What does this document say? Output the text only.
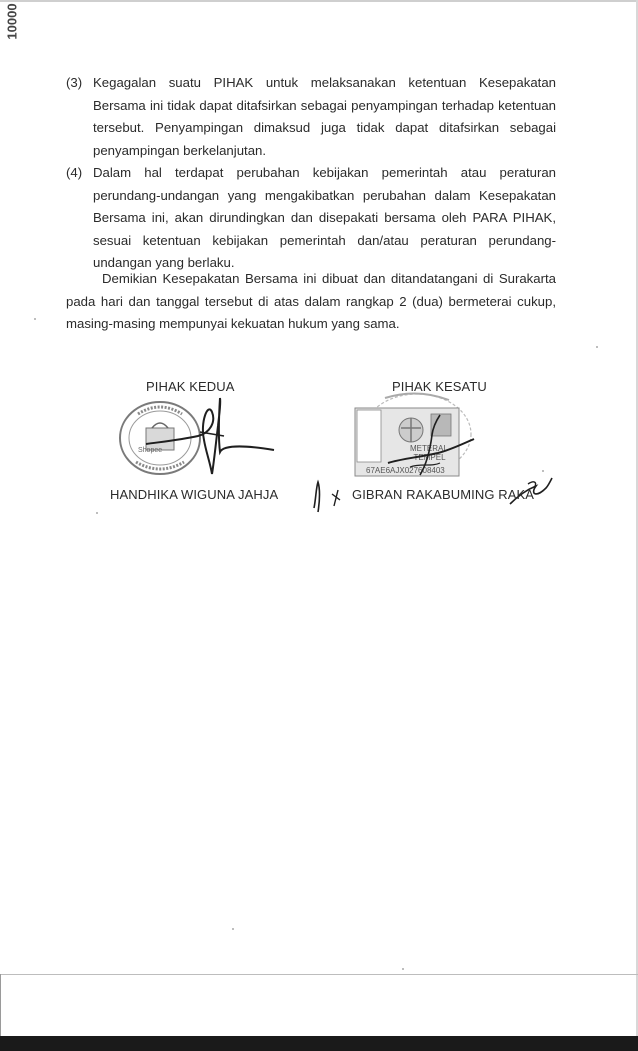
(3) Kegagalan suatu PIHAK untuk melaksanakan ketentuan Kesepakatan Bersama ini tidak dapat ditafsirkan sebagai penyampingan terhadap ketentuan tersebut. Penyampingan dimaksud juga tidak dapat ditafsirkan sebagai penyampingan berkelanjutan.
(4) Dalam hal terdapat perubahan kebijakan pemerintah atau peraturan perundang-undangan yang mengakibatkan perubahan dalam Kesepakatan Bersama ini, akan dirundingkan dan disepakati bersama oleh PARA PIHAK, sesuai ketentuan kebijakan pemerintah dan/atau peraturan perundang-undangan yang berlaku.
Demikian Kesepakatan Bersama ini dibuat dan ditandatangani di Surakarta pada hari dan tanggal tersebut di atas dalam rangkap 2 (dua) bermeterai cukup, masing-masing mempunyai kekuatan hukum yang sama.
PIHAK KEDUA	PIHAK KESATU
Shopee
10000
METERAI
TEMPEL
67AE6AJX027608403
HANDHIKA WIGUNA JAHJA	GIBRAN RAKABUMING RAKA
